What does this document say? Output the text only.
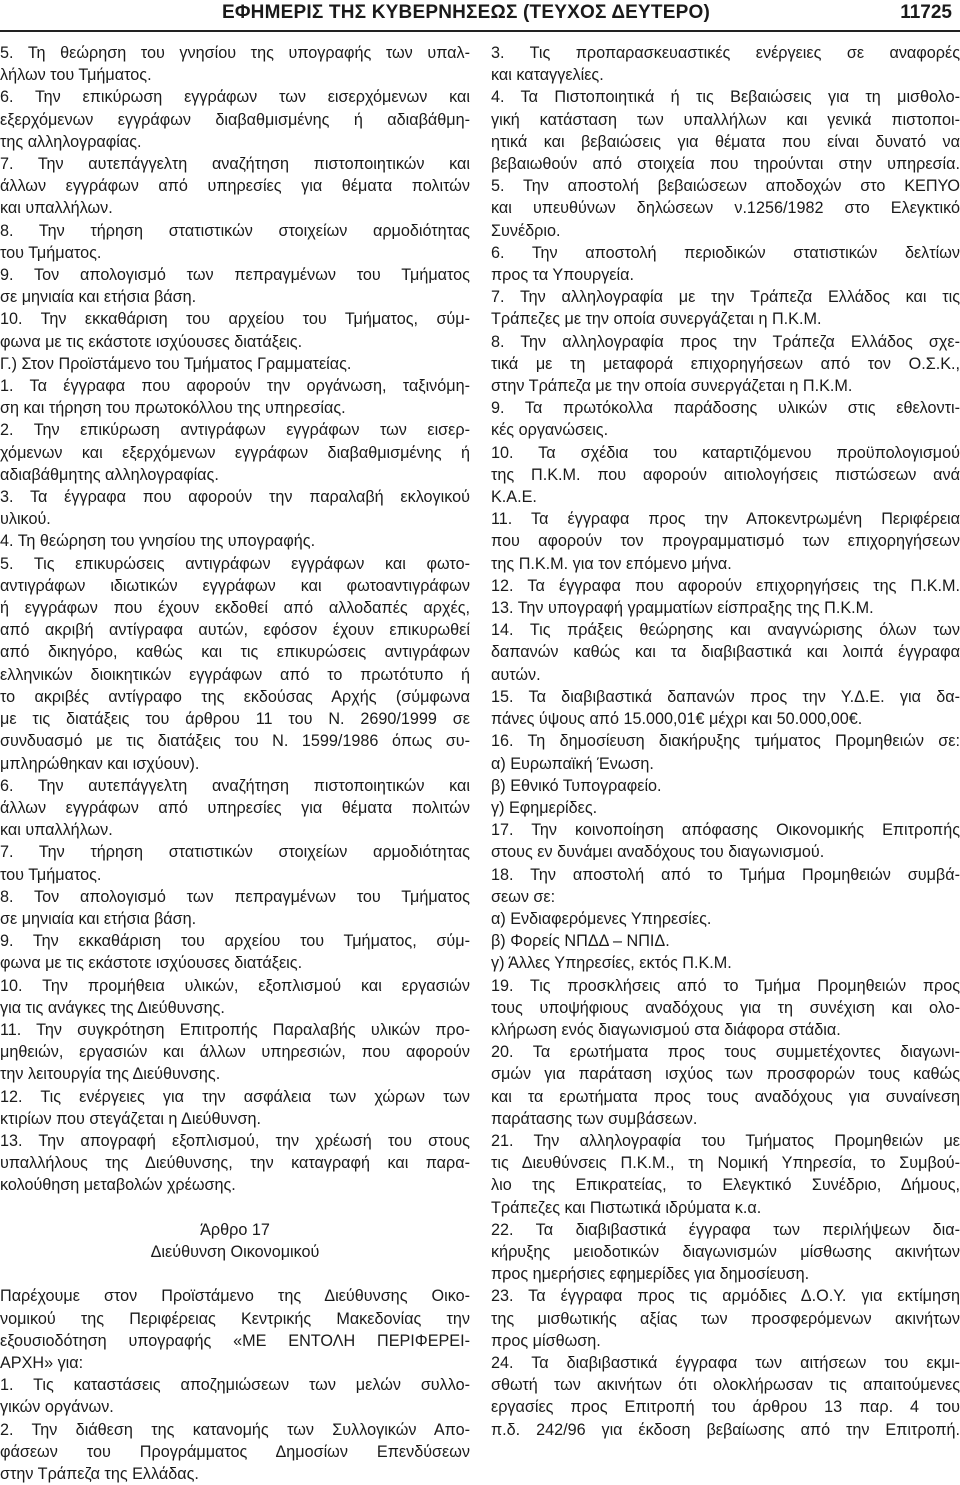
ΕΦΗΜΕΡΙΣ ΤΗΣ ΚΥΒΕΡΝΗΣΕΩΣ (ΤΕΥΧΟΣ ΔΕΥΤΕΡΟ)	11725
5. Τη θεώρηση του γνησίου της υπογραφής των υπαλ-
λήλων του Τμήματος.
6. Την επικύρωση εγγράφων των εισερχόμενων και
εξερχόμενων εγγράφων διαβαθμισμένης ή αδιαβάθμη-
της αλληλογραφίας.
7. Την αυτεπάγγελτη αναζήτηση πιστοποιητικών και
άλλων εγγράφων από υπηρεσίες για θέματα πολιτών
και υπαλλήλων.
8. Την τήρηση στατιστικών στοιχείων αρμοδιότητας
του Τμήματος.
9. Τον απολογισμό των πεπραγμένων του Τμήματος
σε μηνιαία και ετήσια βάση.
10. Την εκκαθάριση του αρχείου του Τμήματος, σύμ-
φωνα με τις εκάστοτε ισχύουσες διατάξεις.
Γ.) Στον Προϊστάμενο του Τμήματος Γραμματείας.
1. Τα έγγραφα που αφορούν την οργάνωση, ταξινόμη-
ση και τήρηση του πρωτοκόλλου της υπηρεσίας.
2. Την επικύρωση αντιγράφων εγγράφων των εισερ-
χόμενων και εξερχόμενων εγγράφων διαβαθμισμένης ή
αδιαβάθμητης αλληλογραφίας.
3. Τα έγγραφα που αφορούν την παραλαβή εκλογικού
υλικού.
4. Τη θεώρηση του γνησίου της υπογραφής.
5. Τις επικυρώσεις αντιγράφων εγγράφων και φωτο-
αντιγράφων ιδιωτικών εγγράφων και φωτοαντιγράφων
ή εγγράφων που έχουν εκδοθεί από αλλοδαπές αρχές,
από ακριβή αντίγραφα αυτών, εφόσον έχουν επικυρωθεί
από δικηγόρο, καθώς και τις επικυρώσεις αντιγράφων
ελληνικών διοικητικών εγγράφων από το πρωτότυπο ή
το ακριβές αντίγραφο της εκδούσας Αρχής (σύμφωνα
με τις διατάξεις του άρθρου 11 του Ν. 2690/1999 σε
συνδυασμό με τις διατάξεις του Ν. 1599/1986 όπως συ-
μπληρώθηκαν και ισχύουν).
6. Την αυτεπάγγελτη αναζήτηση πιστοποιητικών και
άλλων εγγράφων από υπηρεσίες για θέματα πολιτών
και υπαλλήλων.
7. Την τήρηση στατιστικών στοιχείων αρμοδιότητας
του Τμήματος.
8. Τον απολογισμό των πεπραγμένων του Τμήματος
σε μηνιαία και ετήσια βάση.
9. Την εκκαθάριση του αρχείου του Τμήματος, σύμ-
φωνα με τις εκάστοτε ισχύουσες διατάξεις.
10. Την προμήθεια υλικών, εξοπλισμού και εργασιών
για τις ανάγκες της Διεύθυνσης.
11. Την συγκρότηση Επιτροπής Παραλαβής υλικών προ-
μηθειών, εργασιών και άλλων υπηρεσιών, που αφορούν
την λειτουργία της Διεύθυνσης.
12. Τις ενέργειες για την ασφάλεια των χώρων των
κτιρίων που στεγάζεται η Διεύθυνση.
13. Την απογραφή εξοπλισμού, την χρέωσή του στους
υπαλλήλους της Διεύθυνσης, την καταγραφή και παρα-
κολούθηση μεταβολών χρέωσης.
Άρθρο 17
Διεύθυνση Οικονομικού
Παρέχουμε στον Προϊστάμενο της Διεύθυνσης Οικο-
νομικού της Περιφέρειας Κεντρικής Μακεδονίας την
εξουσιοδότηση υπογραφής «ΜΕ ΕΝΤΟΛΗ ΠΕΡΙΦΕΡΕΙ-
ΑΡΧΗ» για:
1. Τις καταστάσεις αποζημιώσεων των μελών συλλο-
γικών οργάνων.
2. Την διάθεση της κατανομής των Συλλογικών Απο-
φάσεων του Προγράμματος Δημοσίων Επενδύσεων
στην Τράπεζα της Ελλάδας.
3. Τις προπαρασκευαστικές ενέργειες σε αναφορές
και καταγγελίες.
4. Τα Πιστοποιητικά ή τις Βεβαιώσεις για τη μισθολο-
γική κατάσταση των υπαλλήλων και γενικά πιστοποι-
ητικά και βεβαιώσεις για θέματα που είναι δυνατό να
βεβαιωθούν από στοιχεία που τηρούνται στην υπηρεσία.
5. Την αποστολή βεβαιώσεων αποδοχών στο ΚΕΠΥΟ
και υπευθύνων δηλώσεων ν.1256/1982 στο Ελεγκτικό
Συνέδριο.
6. Την αποστολή περιοδικών στατιστικών δελτίων
προς τα Υπουργεία.
7. Την αλληλογραφία με την Τράπεζα Ελλάδος και τις
Τράπεζες με την οποία συνεργάζεται η Π.Κ.Μ.
8. Την αλληλογραφία προς την Τράπεζα Ελλάδος σχε-
τικά με τη μεταφορά επιχορηγήσεων από τον Ο.Σ.Κ.,
στην Τράπεζα με την οποία συνεργάζεται η Π.Κ.Μ.
9. Τα πρωτόκολλα παράδοσης υλικών στις εθελοντι-
κές οργανώσεις.
10. Τα σχέδια του καταρτιζόμενου προϋπολογισμού
της Π.Κ.Μ. που αφορούν αιτιολογήσεις πιστώσεων ανά
Κ.Α.Ε.
11. Τα έγγραφα προς την Αποκεντρωμένη Περιφέρεια
που αφορούν τον προγραμματισμό των επιχορηγήσεων
της Π.Κ.Μ. για τον επόμενο μήνα.
12. Τα έγγραφα που αφορούν επιχορηγήσεις της Π.Κ.Μ.
13. Την υπογραφή γραμματίων είσπραξης της Π.Κ.Μ.
14. Τις πράξεις θεώρησης και αναγνώρισης όλων των
δαπανών καθώς και τα διαβιβαστικά και λοιπά έγγραφα
αυτών.
15. Τα διαβιβαστικά δαπανών προς την Υ.Δ.Ε. για δα-
πάνες ύψους από 15.000,01€ μέχρι και 50.000,00€.
16. Τη δημοσίευση διακήρυξης τμήματος Προμηθειών σε:
α) Ευρωπαϊκή Ένωση.
β) Εθνικό Τυπογραφείο.
γ) Εφημερίδες.
17. Την κοινοποίηση απόφασης Οικονομικής Επιτροπής
στους εν δυνάμει αναδόχους του διαγωνισμού.
18. Την αποστολή από το Τμήμα Προμηθειών συμβά-
σεων σε:
α) Ενδιαφερόμενες Υπηρεσίες.
β) Φορείς ΝΠΔΔ – ΝΠΙΔ.
γ) Άλλες Υπηρεσίες, εκτός Π.Κ.Μ.
19. Τις προσκλήσεις από το Τμήμα Προμηθειών προς
τους υποψήφιους αναδόχους για τη συνέχιση και ολο-
κλήρωση ενός διαγωνισμού στα διάφορα στάδια.
20. Τα ερωτήματα προς τους συμμετέχοντες διαγωνι-
σμών για παράταση ισχύος των προσφορών τους καθώς
και τα ερωτήματα προς τους αναδόχους για συναίνεση
παράτασης των συμβάσεων.
21. Την αλληλογραφία του Τμήματος Προμηθειών με
τις Διευθύνσεις Π.Κ.Μ., τη Νομική Υπηρεσία, το Συμβού-
λιο της Επικρατείας, το Ελεγκτικό Συνέδριο, Δήμους,
Τράπεζες και Πιστωτικά ιδρύματα κ.α.
22. Τα διαβιβαστικά έγγραφα των περιλήψεων δια-
κήρυξης μειοδοτικών διαγωνισμών μίσθωσης ακινήτων
προς ημερήσιες εφημερίδες για δημοσίευση.
23. Τα έγγραφα προς τις αρμόδιες Δ.Ο.Υ. για εκτίμηση
της μισθωτικής αξίας των προσφερόμενων ακινήτων
προς μίσθωση.
24. Τα διαβιβαστικά έγγραφα των αιτήσεων του εκμι-
σθωτή των ακινήτων ότι ολοκλήρωσαν τις απαιτούμενες
εργασίες προς Επιτροπή του άρθρου 13 παρ. 4 του
π.δ. 242/96 για έκδοση βεβαίωσης από την Επιτροπή.
